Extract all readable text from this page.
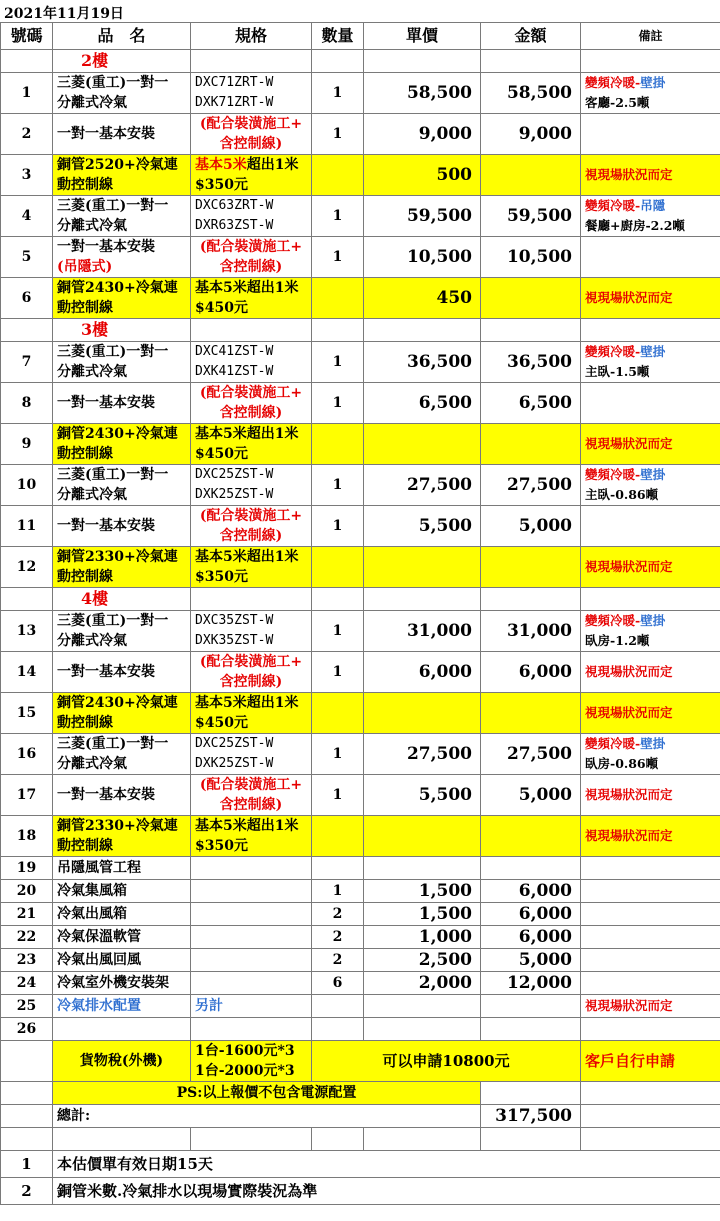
2021年11月19日
號碼	品　名	規格	數量	單價	金額	備註
	2樓					
1	三菱(重工)一對一
分離式冷氣	DXC71ZRT-W
DXK71ZRT-W	1	58,500	58,500	變頻冷暖-壁掛
客廳-2.5噸
2	一對一基本安裝	(配合裝潢施工+
含控制線)	1	9,000	9,000	
3	銅管2520+冷氣連
動控制線	基本5米超出1米
$350元		500		視現場狀況而定
4	三菱(重工)一對一
分離式冷氣	DXC63ZRT-W
DXR63ZST-W	1	59,500	59,500	變頻冷暖-吊隱
餐廳+廚房-2.2噸
5	一對一基本安裝
(吊隱式)	(配合裝潢施工+
含控制線)	1	10,500	10,500	
6	銅管2430+冷氣連
動控制線	基本5米超出1米
$450元		450		視現場狀況而定
	3樓					
7	三菱(重工)一對一
分離式冷氣	DXC41ZST-W
DXK41ZST-W	1	36,500	36,500	變頻冷暖-壁掛
主臥-1.5噸
8	一對一基本安裝	(配合裝潢施工+
含控制線)	1	6,500	6,500	
9	銅管2430+冷氣連
動控制線	基本5米超出1米
$450元				視現場狀況而定
10	三菱(重工)一對一
分離式冷氣	DXC25ZST-W
DXK25ZST-W	1	27,500	27,500	變頻冷暖-壁掛
主臥-0.86噸
11	一對一基本安裝	(配合裝潢施工+
含控制線)	1	5,500	5,000	
12	銅管2330+冷氣連
動控制線	基本5米超出1米
$350元				視現場狀況而定
	4樓					
13	三菱(重工)一對一
分離式冷氣	DXC35ZST-W
DXK35ZST-W	1	31,000	31,000	變頻冷暖-壁掛
臥房-1.2噸
14	一對一基本安裝	(配合裝潢施工+
含控制線)	1	6,000	6,000	視現場狀況而定
15	銅管2430+冷氣連
動控制線	基本5米超出1米
$450元				視現場狀況而定
16	三菱(重工)一對一
分離式冷氣	DXC25ZST-W
DXK25ZST-W	1	27,500	27,500	變頻冷暖-壁掛
臥房-0.86噸
17	一對一基本安裝	(配合裝潢施工+
含控制線)	1	5,500	5,000	視現場狀況而定
18	銅管2330+冷氣連
動控制線	基本5米超出1米
$350元				視現場狀況而定
19	吊隱風管工程					
20	冷氣集風箱		1	1,500	6,000	
21	冷氣出風箱		2	1,500	6,000	
22	冷氣保溫軟管		2	1,000	6,000	
23	冷氣出風回風		2	2,500	5,000	
24	冷氣室外機安裝架		6	2,000	12,000	
25	冷氣排水配置	另計				視現場狀況而定
26						
	貨物稅(外機)	1台-1600元*3
1台-2000元*3	可以申請10800元			客戶自行申請
	PS:以上報價不包含電源配置					
	總計:				317,500	

1	本估價單有效日期15天					
2	銅管米數.冷氣排水以現場實際裝況為準					
